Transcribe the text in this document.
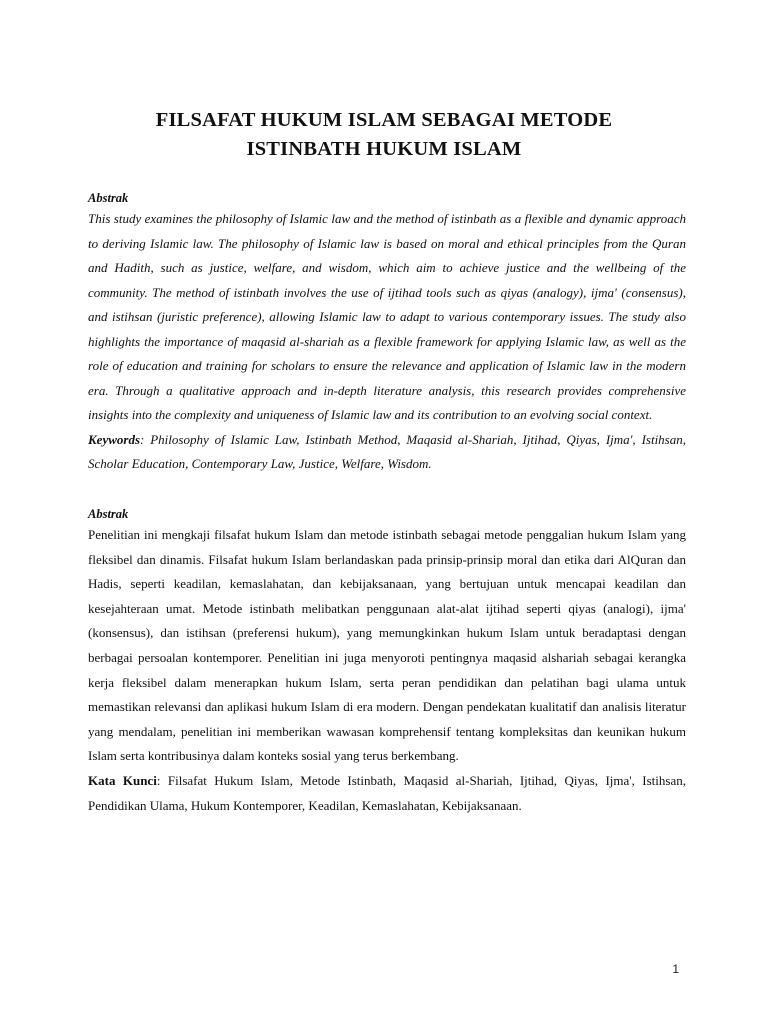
FILSAFAT HUKUM ISLAM SEBAGAI METODE
ISTINBATH HUKUM ISLAM

Abstrak

This study examines the philosophy of Islamic law and the method of istinbath as a flexible and dynamic approach to deriving Islamic law. The philosophy of Islamic law is based on moral and ethical principles from the Quran and Hadith, such as justice, welfare, and wisdom, which aim to achieve justice and the wellbeing of the community. The method of istinbath involves the use of ijtihad tools such as qiyas (analogy), ijma' (consensus), and istihsan (juristic preference), allowing Islamic law to adapt to various contemporary issues. The study also highlights the importance of maqasid al-shariah as a flexible framework for applying Islamic law, as well as the role of education and training for scholars to ensure the relevance and application of Islamic law in the modern era. Through a qualitative approach and in-depth literature analysis, this research provides comprehensive insights into the complexity and uniqueness of Islamic law and its contribution to an evolving social context.

Keywords: Philosophy of Islamic Law, Istinbath Method, Maqasid al-Shariah, Ijtihad, Qiyas, Ijma', Istihsan, Scholar Education, Contemporary Law, Justice, Welfare, Wisdom.

Abstrak

Penelitian ini mengkaji filsafat hukum Islam dan metode istinbath sebagai metode penggalian hukum Islam yang fleksibel dan dinamis. Filsafat hukum Islam berlandaskan pada prinsip-prinsip moral dan etika dari AlQuran dan Hadis, seperti keadilan, kemaslahatan, dan kebijaksanaan, yang bertujuan untuk mencapai keadilan dan kesejahteraan umat. Metode istinbath melibatkan penggunaan alat-alat ijtihad seperti qiyas (analogi), ijma' (konsensus), dan istihsan (preferensi hukum), yang memungkinkan hukum Islam untuk beradaptasi dengan berbagai persoalan kontemporer. Penelitian ini juga menyoroti pentingnya maqasid alshariah sebagai kerangka kerja fleksibel dalam menerapkan hukum Islam, serta peran pendidikan dan pelatihan bagi ulama untuk memastikan relevansi dan aplikasi hukum Islam di era modern. Dengan pendekatan kualitatif dan analisis literatur yang mendalam, penelitian ini memberikan wawasan komprehensif tentang kompleksitas dan keunikan hukum Islam serta kontribusinya dalam konteks sosial yang terus berkembang.

Kata Kunci: Filsafat Hukum Islam, Metode Istinbath, Maqasid al-Shariah, Ijtihad, Qiyas, Ijma', Istihsan, Pendidikan Ulama, Hukum Kontemporer, Keadilan, Kemaslahatan, Kebijaksanaan.

1
